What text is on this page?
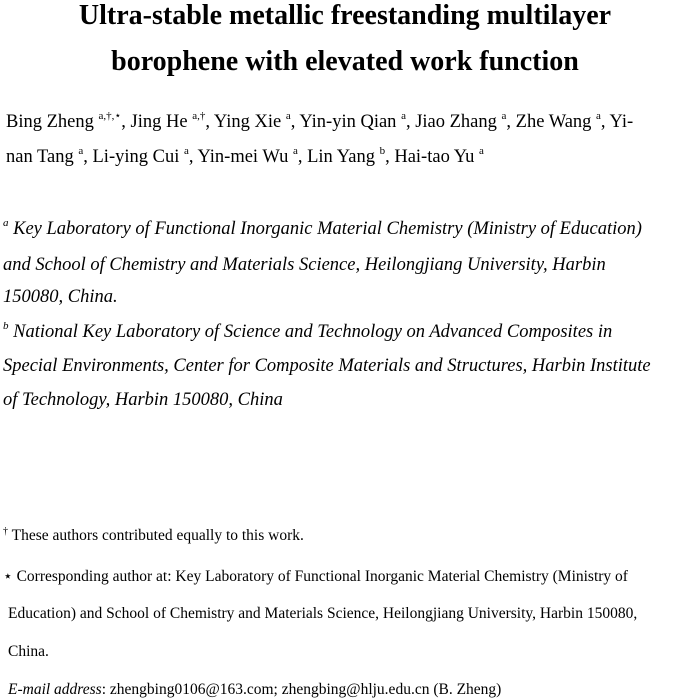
Ultra-stable metallic freestanding multilayer
borophene with elevated work function

Bing Zheng $^{a,\dagger,⋆}$, Jing He $^{a,\dagger}$, Ying Xie $^a$, Yin-yin Qian $^a$, Jiao Zhang $^a$, Zhe Wang $^a$, Yi-

nan Tang $^a$, Li-ying Cui $^a$, Yin-mei Wu $^a$, Lin Yang $^b$, Hai-tao Yu $^a$

$^a$ Key Laboratory of Functional Inorganic Material Chemistry (Ministry of Education)

and School of Chemistry and Materials Science, Heilongjiang University, Harbin

150080, China.

$^b$ National Key Laboratory of Science and Technology on Advanced Composites in

Special Environments, Center for Composite Materials and Structures, Harbin Institute

of Technology, Harbin 150080, China

† These authors contributed equally to this work.

⋆ Corresponding author at: Key Laboratory of Functional Inorganic Material Chemistry (Ministry of

Education) and School of Chemistry and Materials Science, Heilongjiang University, Harbin 150080,

China.

E-mail address: zhengbing0106@163.com; zhengbing@hlju.edu.cn (B. Zheng)
